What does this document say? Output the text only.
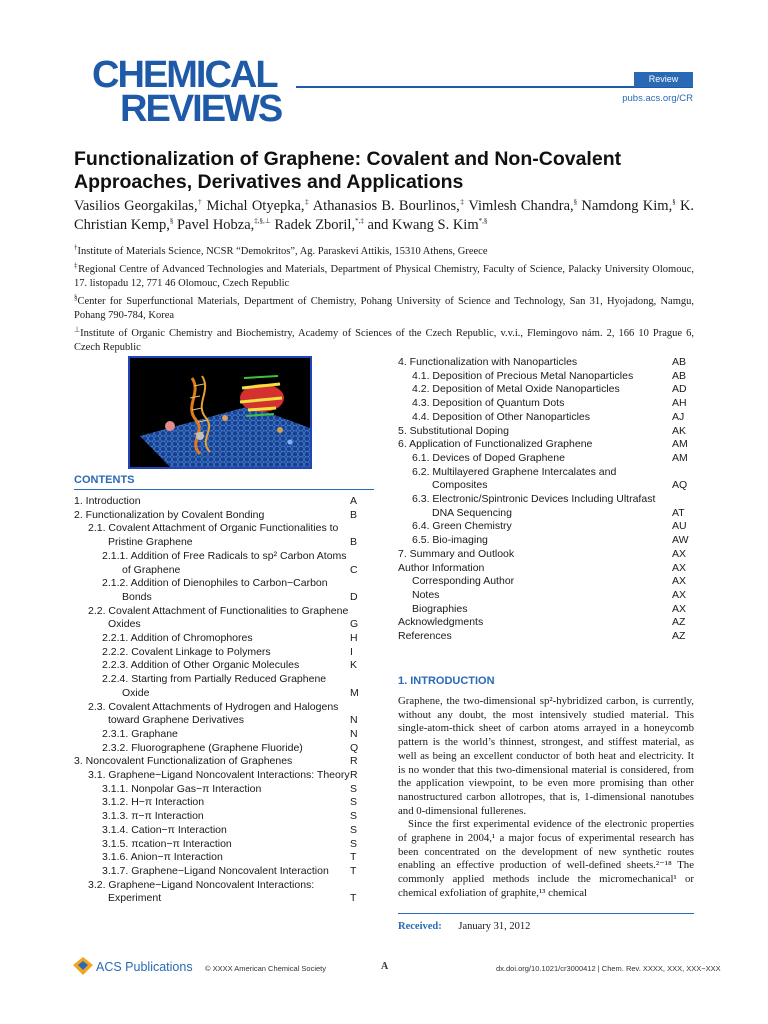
CHEMICAL
REVIEWS
Review
pubs.acs.org/CR
Functionalization of Graphene: Covalent and Non-Covalent Approaches, Derivatives and Applications
Vasilios Georgakilas,† Michal Otyepka,‡ Athanasios B. Bourlinos,‡ Vimlesh Chandra,§ Namdong Kim,§ K. Christian Kemp,§ Pavel Hobza,‡,§,⊥ Radek Zboril,*,‡ and Kwang S. Kim*,§

†Institute of Materials Science, NCSR “Demokritos”, Ag. Paraskevi Attikis, 15310 Athens, Greece

‡Regional Centre of Advanced Technologies and Materials, Department of Physical Chemistry, Faculty of Science, Palacky University Olomouc, 17. listopadu 12, 771 46 Olomouc, Czech Republic

§Center for Superfunctional Materials, Department of Chemistry, Pohang University of Science and Technology, San 31, Hyojadong, Namgu, Pohang 790-784, Korea

⊥Institute of Organic Chemistry and Biochemistry, Academy of Sciences of the Czech Republic, v.v.i., Flemingovo nám. 2, 166 10 Prague 6, Czech Republic

CONTENTS
1. Introduction	A
2. Functionalization by Covalent Bonding	B
2.1. Covalent Attachment of Organic Functionalities to Pristine Graphene	B
2.1.1. Addition of Free Radicals to sp² Carbon Atoms of Graphene	C
2.1.2. Addition of Dienophiles to Carbon−Carbon Bonds	D
2.2. Covalent Attachment of Functionalities to Graphene Oxides	G
2.2.1. Addition of Chromophores	H
2.2.2. Covalent Linkage to Polymers	I
2.2.3. Addition of Other Organic Molecules	K
2.2.4. Starting from Partially Reduced Graphene Oxide	M
2.3. Covalent Attachments of Hydrogen and Halogens toward Graphene Derivatives	N
2.3.1. Graphane	N
2.3.2. Fluorographene (Graphene Fluoride)	Q
3. Noncovalent Functionalization of Graphenes	R
3.1. Graphene−Ligand Noncovalent Interactions: Theory R
3.1.1. Nonpolar Gas−π Interaction	S
3.1.2. H−π Interaction	S
3.1.3. π−π Interaction	S
3.1.4. Cation−π Interaction	S
3.1.5. πcation−π Interaction	S
3.1.6. Anion−π Interaction	T
3.1.7. Graphene−Ligand Noncovalent Interaction T
3.2. Graphene−Ligand Noncovalent Interactions: Experiment	T
4. Functionalization with Nanoparticles	AB
4.1. Deposition of Precious Metal Nanoparticles	AB
4.2. Deposition of Metal Oxide Nanoparticles	AD
4.3. Deposition of Quantum Dots	AH
4.4. Deposition of Other Nanoparticles	AJ
5. Substitutional Doping	AK
6. Application of Functionalized Graphene	AM
6.1. Devices of Doped Graphene	AM
6.2. Multilayered Graphene Intercalates and Composites	AQ
6.3. Electronic/Spintronic Devices Including Ultrafast DNA Sequencing	AT
6.4. Green Chemistry	AU
6.5. Bio-imaging	AW
7. Summary and Outlook	AX
Author Information	AX
Corresponding Author	AX
Notes	AX
Biographies	AX
Acknowledgments	AZ
References	AZ
1. INTRODUCTION

Graphene, the two-dimensional sp²-hybridized carbon, is currently, without any doubt, the most intensively studied material. This single-atom-thick sheet of carbon atoms arrayed in a honeycomb pattern is the world’s thinnest, strongest, and stiffest material, as well as being an excellent conductor of both heat and electricity. It is no wonder that this two-dimensional material is considered, from the application viewpoint, to be even more promising than other nanostructured carbon allotropes, that is, 1-dimensional nanotubes and 0-dimensional fullerenes.

Since the first experimental evidence of the electronic properties of graphene in 2004,¹ a major focus of experimental research has been concentrated on the development of new synthetic routes enabling an effective production of well-defined sheets.²⁻¹⁸ The commonly applied methods include the micromechanical¹ or chemical exfoliation of graphite,¹³ chemical

Received: January 31, 2012
ACS Publications © XXXX American Chemical Society	A	dx.doi.org/10.1021/cr3000412 | Chem. Rev. XXXX, XXX, XXX−XXX
